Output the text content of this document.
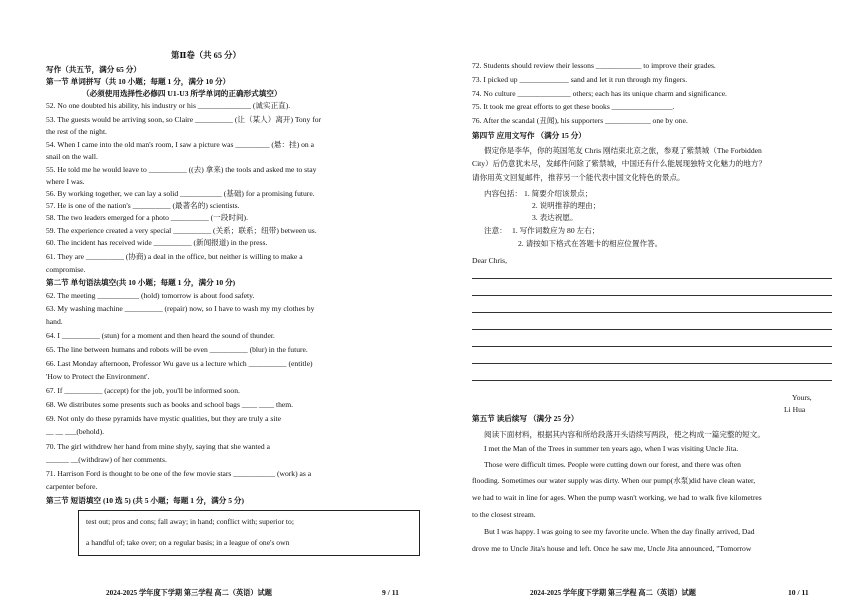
第Ⅱ卷（共 65 分）
写作（共五节，满分 65 分）
第一节 单词拼写（共 10 小题；每题 1 分，满分 10 分）
（必须使用选择性必修四 U1-U3 所学单词的正确形式填空）
52. No one doubted his ability, his industry or his ______________ (诚实正直).
53. The guests would be arriving soon, so Claire __________ (让（某人）离开) Tony for
the rest of the night.
54. When I came into the old man's room, I saw a picture was _________ (悬：挂) on a
snail on the wall.
55. He told me he would leave to __________ ((去) 拿来) the tools and asked me to stay
where I was.
56. By working together, we can lay a solid ___________ (基础) for a promising future.
57. He is one of the nation's __________ (最著名的) scientists.
58. The two leaders emerged for a photo __________ (一段时间).
59. The experience created a very special __________ (关系；联系；纽带) between us.
60. The incident has received wide __________ (新闻报道) in the press.
61. They are __________ (协商) a deal in the office, but neither is willing to make a
compromise.
第二节 单句语法填空(共 10 小题；每题 1 分，满分 10 分)
62. The meeting ___________ (hold) tomorrow is about food safety.
63. My washing machine __________ (repair) now, so I have to wash my my clothes by
hand.
64. I __________ (stun) for a moment and then heard the sound of thunder.
65. The line between humans and robots will be even __________ (blur) in the future.
66. Last Monday afternoon, Professor Wu gave us a lecture which __________ (entitle)
'How to Protect the Environment'.
67. If __________ (accept) for the job, you'll be informed soon.
68. We distributes some presents such as books and school bags ____ ____ them.
69. Not only do these pyramids have mystic qualities, but they are truly a site
__ __ ___(behold).
70. The girl withdrew her hand from mine shyly, saying that she wanted a
______ __(withdraw) of her comments.
71. Harrison Ford is thought to be one of the few movie stars ___________ (work) as a
carpenter before.
第三节 短语填空 (10 选 5) (共 5 小题；每题 1 分，满分 5 分)
test out; pros and cons; fall away; in hand; conflict with; superior to;
a handful of; take over; on a regular basis; in a league of one's own
2024-2025 学年度下学期 第三学程 高二（英语）试题	9 / 11
72. Students should review their lessons ____________ to improve their grades.
73. I picked up _____________ sand and let it run through my fingers.
74. No culture ______________ others; each has its unique charm and significance.
75. It took me great efforts to get these books ________________.
76. After the scandal (丑闻), his supporters ____________ one by one.
第四节 应用文写作 （满分 15 分）
假定你是李华，你的英国笔友 Chris 刚结束北京之旅，参观了紫禁城（The Forbidden
City）后仍意犹未尽，发邮件问除了紫禁城，中国还有什么能展现独特文化魅力的地方？
请你用英文回复邮件，推荐另一个能代表中国文化特色的景点。
内容包括： 1. 简要介绍该景点；
2. 说明推荐的理由；
3. 表达祝愿。
注意： 1. 写作词数应为 80 左右；
2. 请按如下格式在答题卡的相应位置作答。
Dear Chris,
Yours,
Li Hua
第五节 读后续写 （满分 25 分）
阅读下面材料，根据其内容和所给段落开头语续写两段，使之构成一篇完整的短文。
I met the Man of the Trees in summer ten years ago, when I was visiting Uncle Jita.
Those were difficult times. People were cutting down our forest, and there was often
flooding. Sometimes our water supply was dirty. When our pump(水泵)did have clean water,
we had to wait in line for ages. When the pump wasn't working, we had to walk five kilometres
to the closest stream.
But I was happy. I was going to see my favorite uncle. When the day finally arrived, Dad
drove me to Uncle Jita's house and left. Once he saw me, Uncle Jita announced, "Tomorrow
2024-2025 学年度下学期 第三学程 高二（英语）试题	10 / 11
